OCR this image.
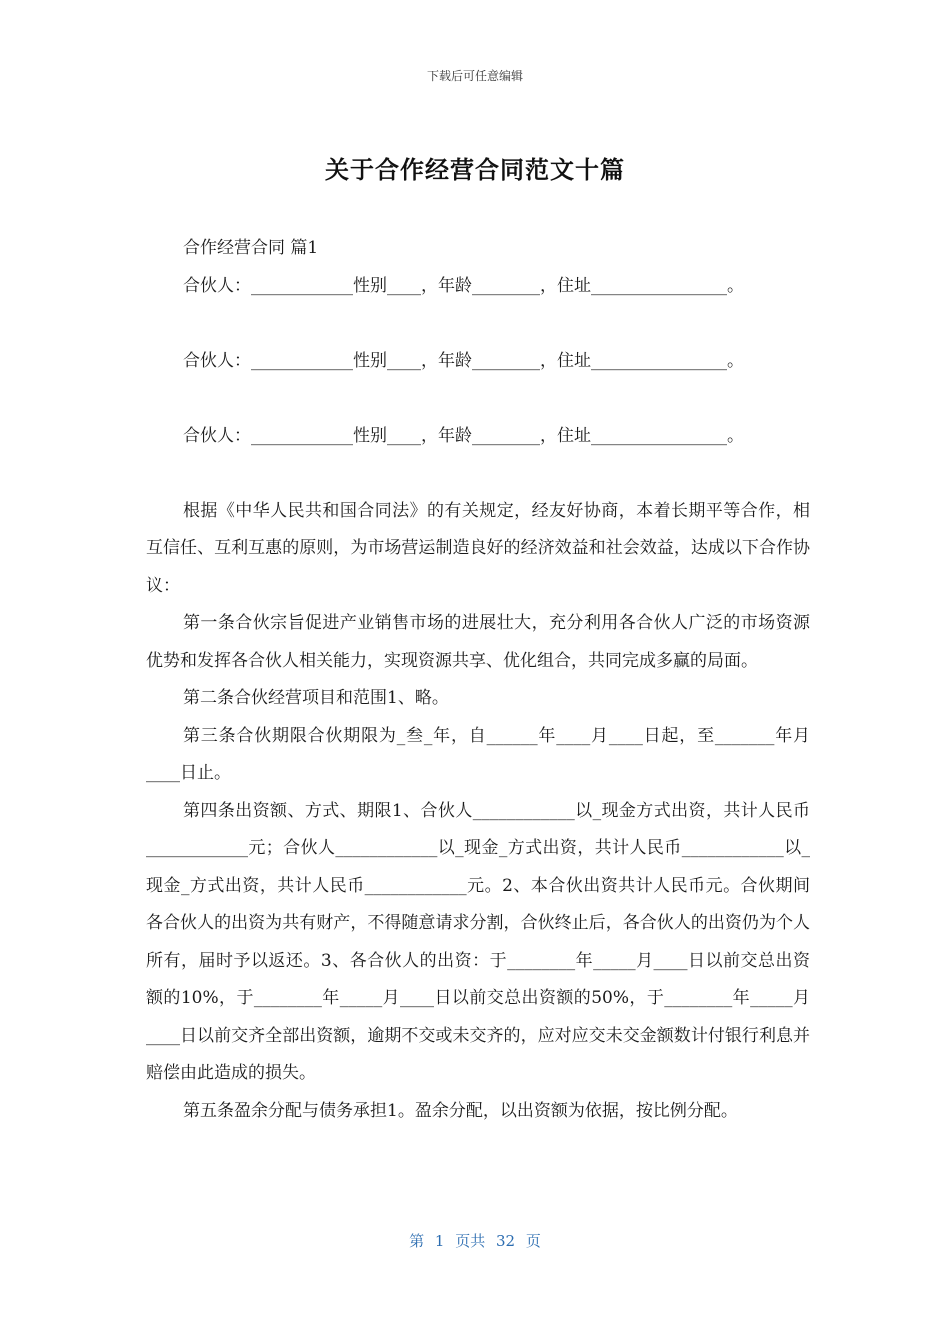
下载后可任意编辑
关于合作经营合同范文十篇
合作经营合同 篇1
合伙人：____________性别____，年龄________，住址________________。
合伙人：____________性别____，年龄________，住址________________。
合伙人：____________性别____，年龄________，住址________________。
根据《中华人民共和国合同法》的有关规定，经友好协商，本着长期平等合作，相互信任、互利互惠的原则，为市场营运制造良好的经济效益和社会效益，达成以下合作协议：
第一条合伙宗旨促进产业销售市场的进展壮大，充分利用各合伙人广泛的市场资源优势和发挥各合伙人相关能力，实现资源共享、优化组合，共同完成多赢的局面。
第二条合伙经营项目和范围1、略。
第三条合伙期限合伙期限为_叁_年，自______年____月____日起，至_______年月____日止。
第四条出资额、方式、期限1、合伙人____________以_现金方式出资，共计人民币____________元；合伙人____________以_现金_方式出资，共计人民币____________以_现金_方式出资，共计人民币____________元。2、本合伙出资共计人民币元。合伙期间各合伙人的出资为共有财产，不得随意请求分割，合伙终止后，各合伙人的出资仍为个人所有，届时予以返还。3、各合伙人的出资：于________年_____月____日以前交总出资额的10%，于________年_____月____日以前交总出资额的50%，于________年_____月____日以前交齐全部出资额，逾期不交或未交齐的，应对应交未交金额数计付银行利息并赔偿由此造成的损失。
第五条盈余分配与债务承担1。盈余分配，以出资额为依据，按比例分配。
第 1 页共 32 页
